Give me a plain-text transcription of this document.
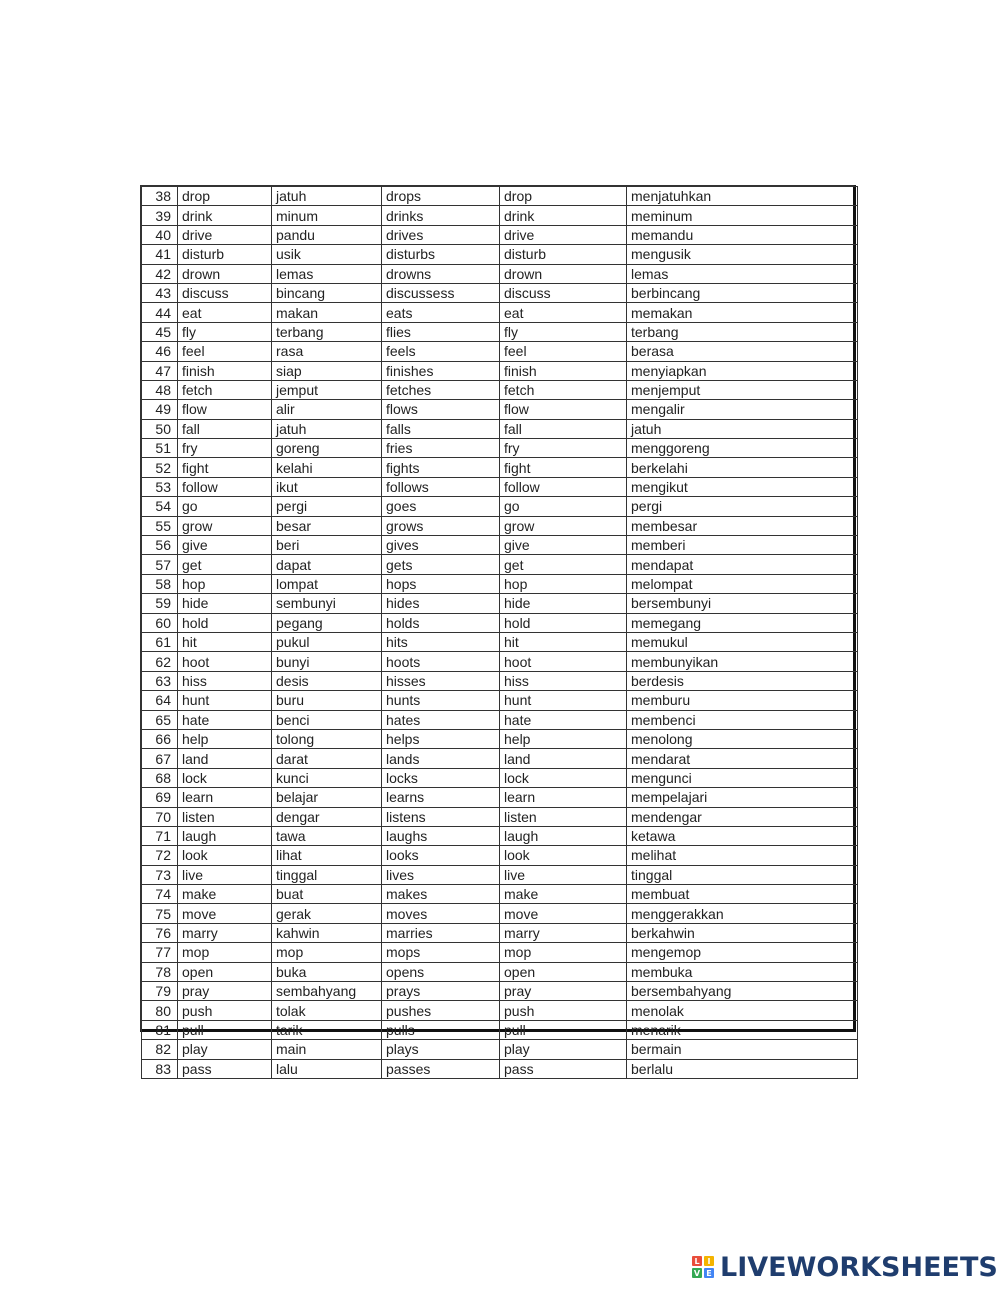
38	drop	jatuh	drops	drop	menjatuhkan
39	drink	minum	drinks	drink	meminum
40	drive	pandu	drives	drive	memandu
41	disturb	usik	disturbs	disturb	mengusik
42	drown	lemas	drowns	drown	lemas
43	discuss	bincang	discussess	discuss	berbincang
44	eat	makan	eats	eat	memakan
45	fly	terbang	flies	fly	terbang
46	feel	rasa	feels	feel	berasa
47	finish	siap	finishes	finish	menyiapkan
48	fetch	jemput	fetches	fetch	menjemput
49	flow	alir	flows	flow	mengalir
50	fall	jatuh	falls	fall	jatuh
51	fry	goreng	fries	fry	menggoreng
52	fight	kelahi	fights	fight	berkelahi
53	follow	ikut	follows	follow	mengikut
54	go	pergi	goes	go	pergi
55	grow	besar	grows	grow	membesar
56	give	beri	gives	give	memberi
57	get	dapat	gets	get	mendapat
58	hop	lompat	hops	hop	melompat
59	hide	sembunyi	hides	hide	bersembunyi
60	hold	pegang	holds	hold	memegang
61	hit	pukul	hits	hit	memukul
62	hoot	bunyi	hoots	hoot	membunyikan
63	hiss	desis	hisses	hiss	berdesis
64	hunt	buru	hunts	hunt	memburu
65	hate	benci	hates	hate	membenci
66	help	tolong	helps	help	menolong
67	land	darat	lands	land	mendarat
68	lock	kunci	locks	lock	mengunci
69	learn	belajar	learns	learn	mempelajari
70	listen	dengar	listens	listen	mendengar
71	laugh	tawa	laughs	laugh	ketawa
72	look	lihat	looks	look	melihat
73	live	tinggal	lives	live	tinggal
74	make	buat	makes	make	membuat
75	move	gerak	moves	move	menggerakkan
76	marry	kahwin	marries	marry	berkahwin
77	mop	mop	mops	mop	mengemop
78	open	buka	opens	open	membuka
79	pray	sembahyang	prays	pray	bersembahyang
80	push	tolak	pushes	push	menolak
81	pull	tarik	pulls	pull	menarik
82	play	main	plays	play	bermain
83	pass	lalu	passes	pass	berlalu
L I
V E LIVEWORKSHEETS
